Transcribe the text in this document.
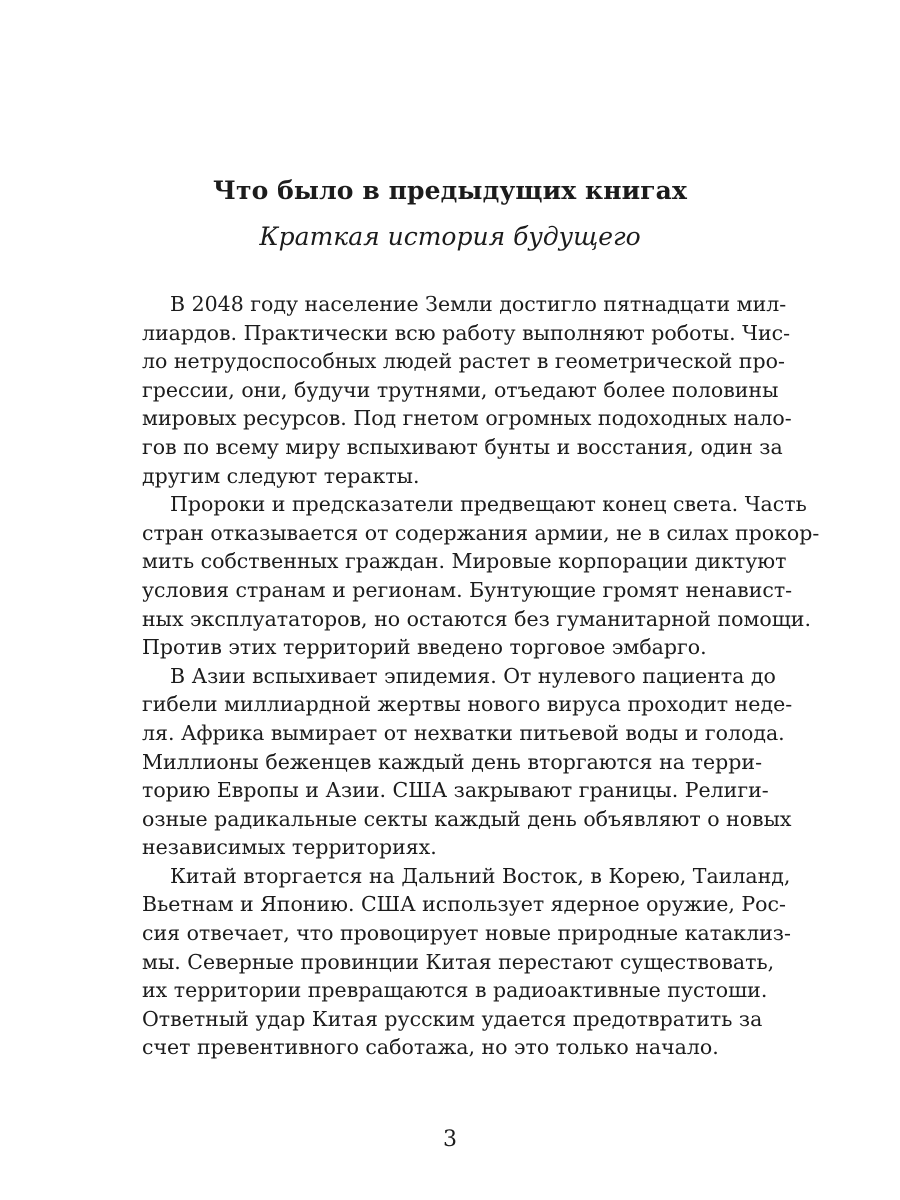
Что было в предыдущих книгах
Краткая история будущего
В 2048 году население Земли достигло пятнадцати мил-
лиардов. Практически всю работу выполняют роботы. Чис-
ло нетрудоспособных людей растет в геометрической про-
грессии, они, будучи трутнями, отъедают более половины
мировых ресурсов. Под гнетом огромных подоходных нало-
гов по всему миру вспыхивают бунты и восстания, один за
другим следуют теракты.
Пророки и предсказатели предвещают конец света. Часть
стран отказывается от содержания армии, не в силах прокор-
мить собственных граждан. Мировые корпорации диктуют
условия странам и регионам. Бунтующие громят ненавист-
ных эксплуататоров, но остаются без гуманитарной помощи.
Против этих территорий введено торговое эмбарго.
В Азии вспыхивает эпидемия. От нулевого пациента до
гибели миллиардной жертвы нового вируса проходит неде-
ля. Африка вымирает от нехватки питьевой воды и голода.
Миллионы беженцев каждый день вторгаются на терри-
торию Европы и Азии. США закрывают границы. Религи-
озные радикальные секты каждый день объявляют о новых
независимых территориях.
Китай вторгается на Дальний Восток, в Корею, Таиланд,
Вьетнам и Японию. США использует ядерное оружие, Рос-
сия отвечает, что провоцирует новые природные катаклиз-
мы. Северные провинции Китая перестают существовать,
их территории превращаются в радиоактивные пустоши.
Ответный удар Китая русским удается предотвратить за
счет превентивного саботажа, но это только начало.
3
